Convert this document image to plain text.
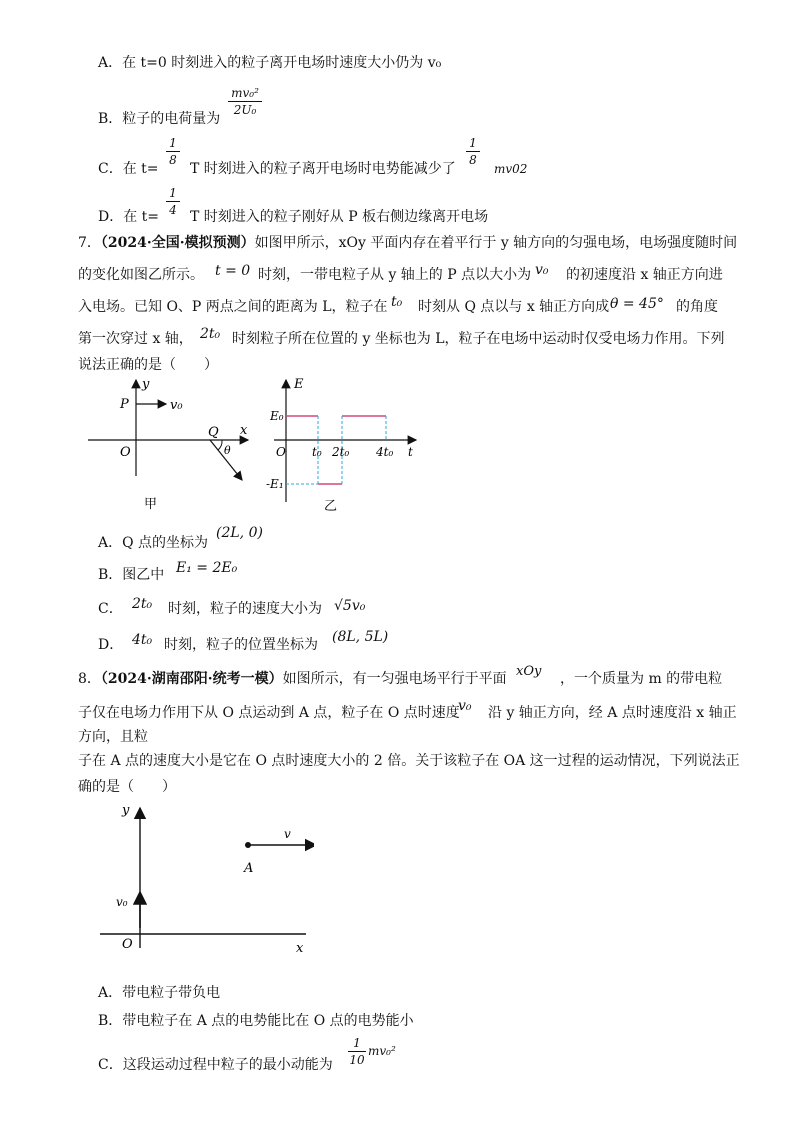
A．在 t=0 时刻进入的粒子离开电场时速度大小仍为 v₀
B．粒子的电荷量为
mv₀²
2U₀
C．在 t=
1
8
T 时刻进入的粒子离开电场时电势能减少了
1
8
mv02
D．在 t=
1
4 T 时刻进入的粒子刚好从 P 板右侧边缘离开电场
7．（2024·全国·模拟预测）如图甲所示，xOy 平面内存在着平行于 y 轴方向的匀强电场，电场强度随时间
的变化如图乙所示。 t = 0 时刻，一带电粒子从 y 轴上的 P 点以大小为 v₀ 的初速度沿 x 轴正方向进
入电场。已知 O、P 两点之间的距离为 L，粒子在 t₀ 时刻从 Q 点以与 x 轴正方向成 θ = 45° 的角度
第一次穿过 x 轴， 2t₀ 时刻粒子所在位置的 y 坐标也为 L，粒子在电场中运动时仅受电场力作用。下列
说法正确的是（　　）
y
x
P	v₀
O
Q
θ
甲
E
E₀
O t₀ 2t₀ 4t₀ t
-E₁
乙
A．Q 点的坐标为
(2L, 0)
B．图乙中 E₁ = 2E₀
C． 2t₀ 时刻，粒子的速度大小为 √5v₀
D． 4t₀ 时刻，粒子的位置坐标为 (8L, 5L)
8．（2024·湖南邵阳·统考一模）如图所示，有一匀强电场平行于平面 xOy ，一个质量为 m 的带电粒
子仅在电场力作用下从 O 点运动到 A 点，粒子在 O 点时速度
v₀ 沿 y 轴正方向，经 A 点时速度沿 x 轴正
方向，且粒
子在 A 点的速度大小是它在 O 点时速度大小的 2 倍。关于该粒子在 OA 这一过程的运动情况，下列说法正
确的是（　　）
y
v
A
v₀
O	x
A．带电粒子带负电
B．带电粒子在 A 点的电势能比在 O 点的电势能小
C．这段运动过程中粒子的最小动能为
1
10
mv₀²
